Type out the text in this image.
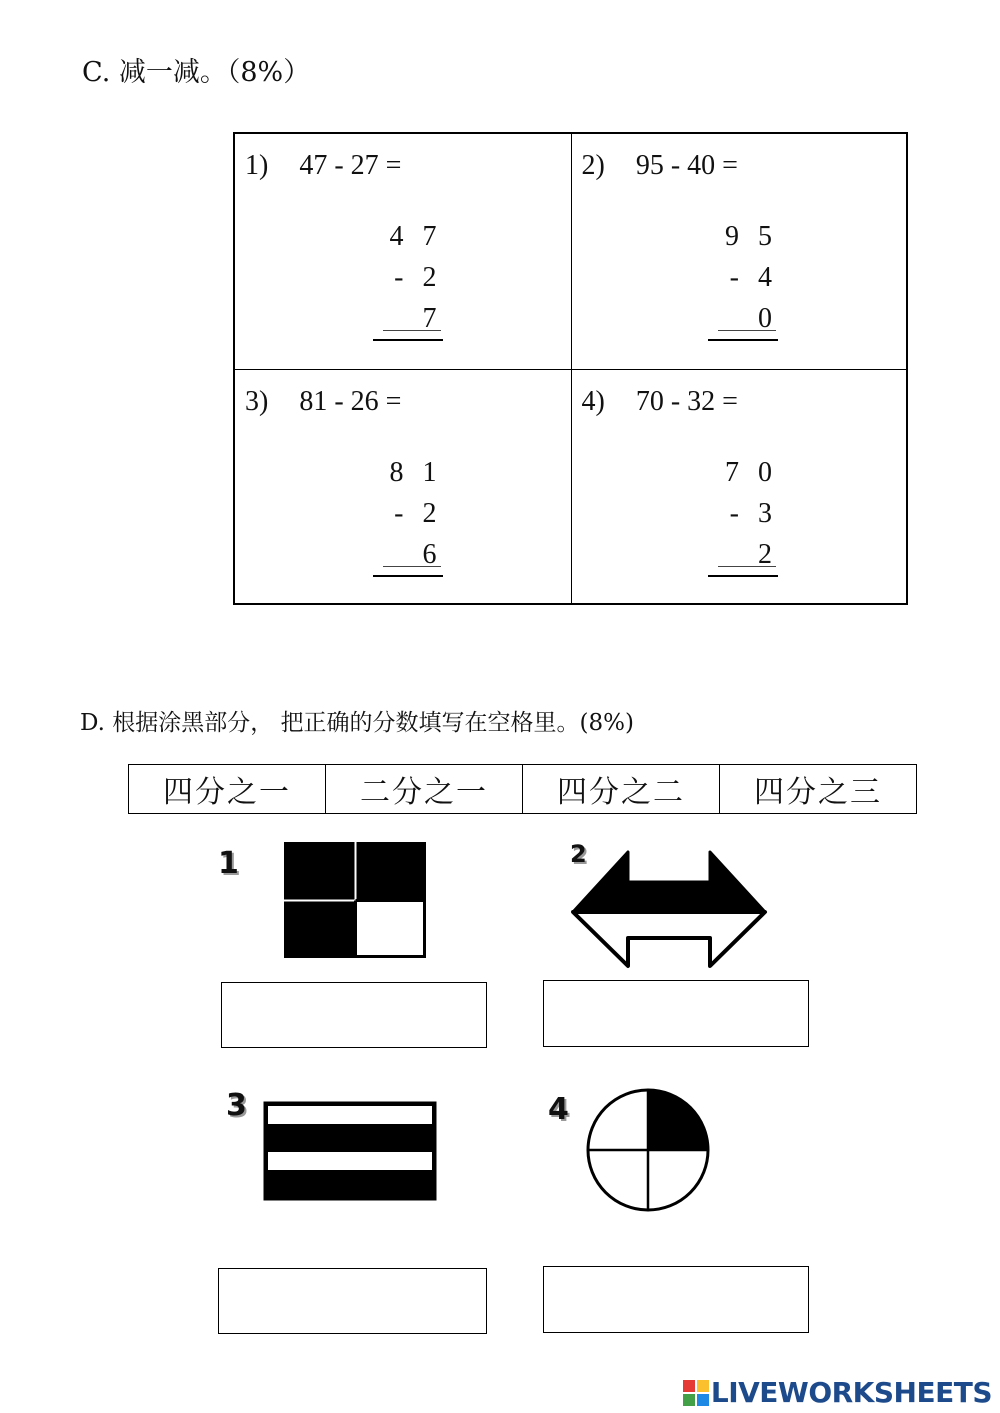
C. 减一减。（8%）
1) 47 - 27 =
4 7
- 2 7
2) 95 - 40 =
9 5
- 4 0
3) 81 - 26 =
8 1
- 2 6
4) 70 - 32 =
7 0
- 3 2
D. 根据涂黑部分， 把正确的分数填写在空格里。(8%)
四分之一	二分之一	四分之二	四分之三
1	2
3	4
LIVEWORKSHEETS
